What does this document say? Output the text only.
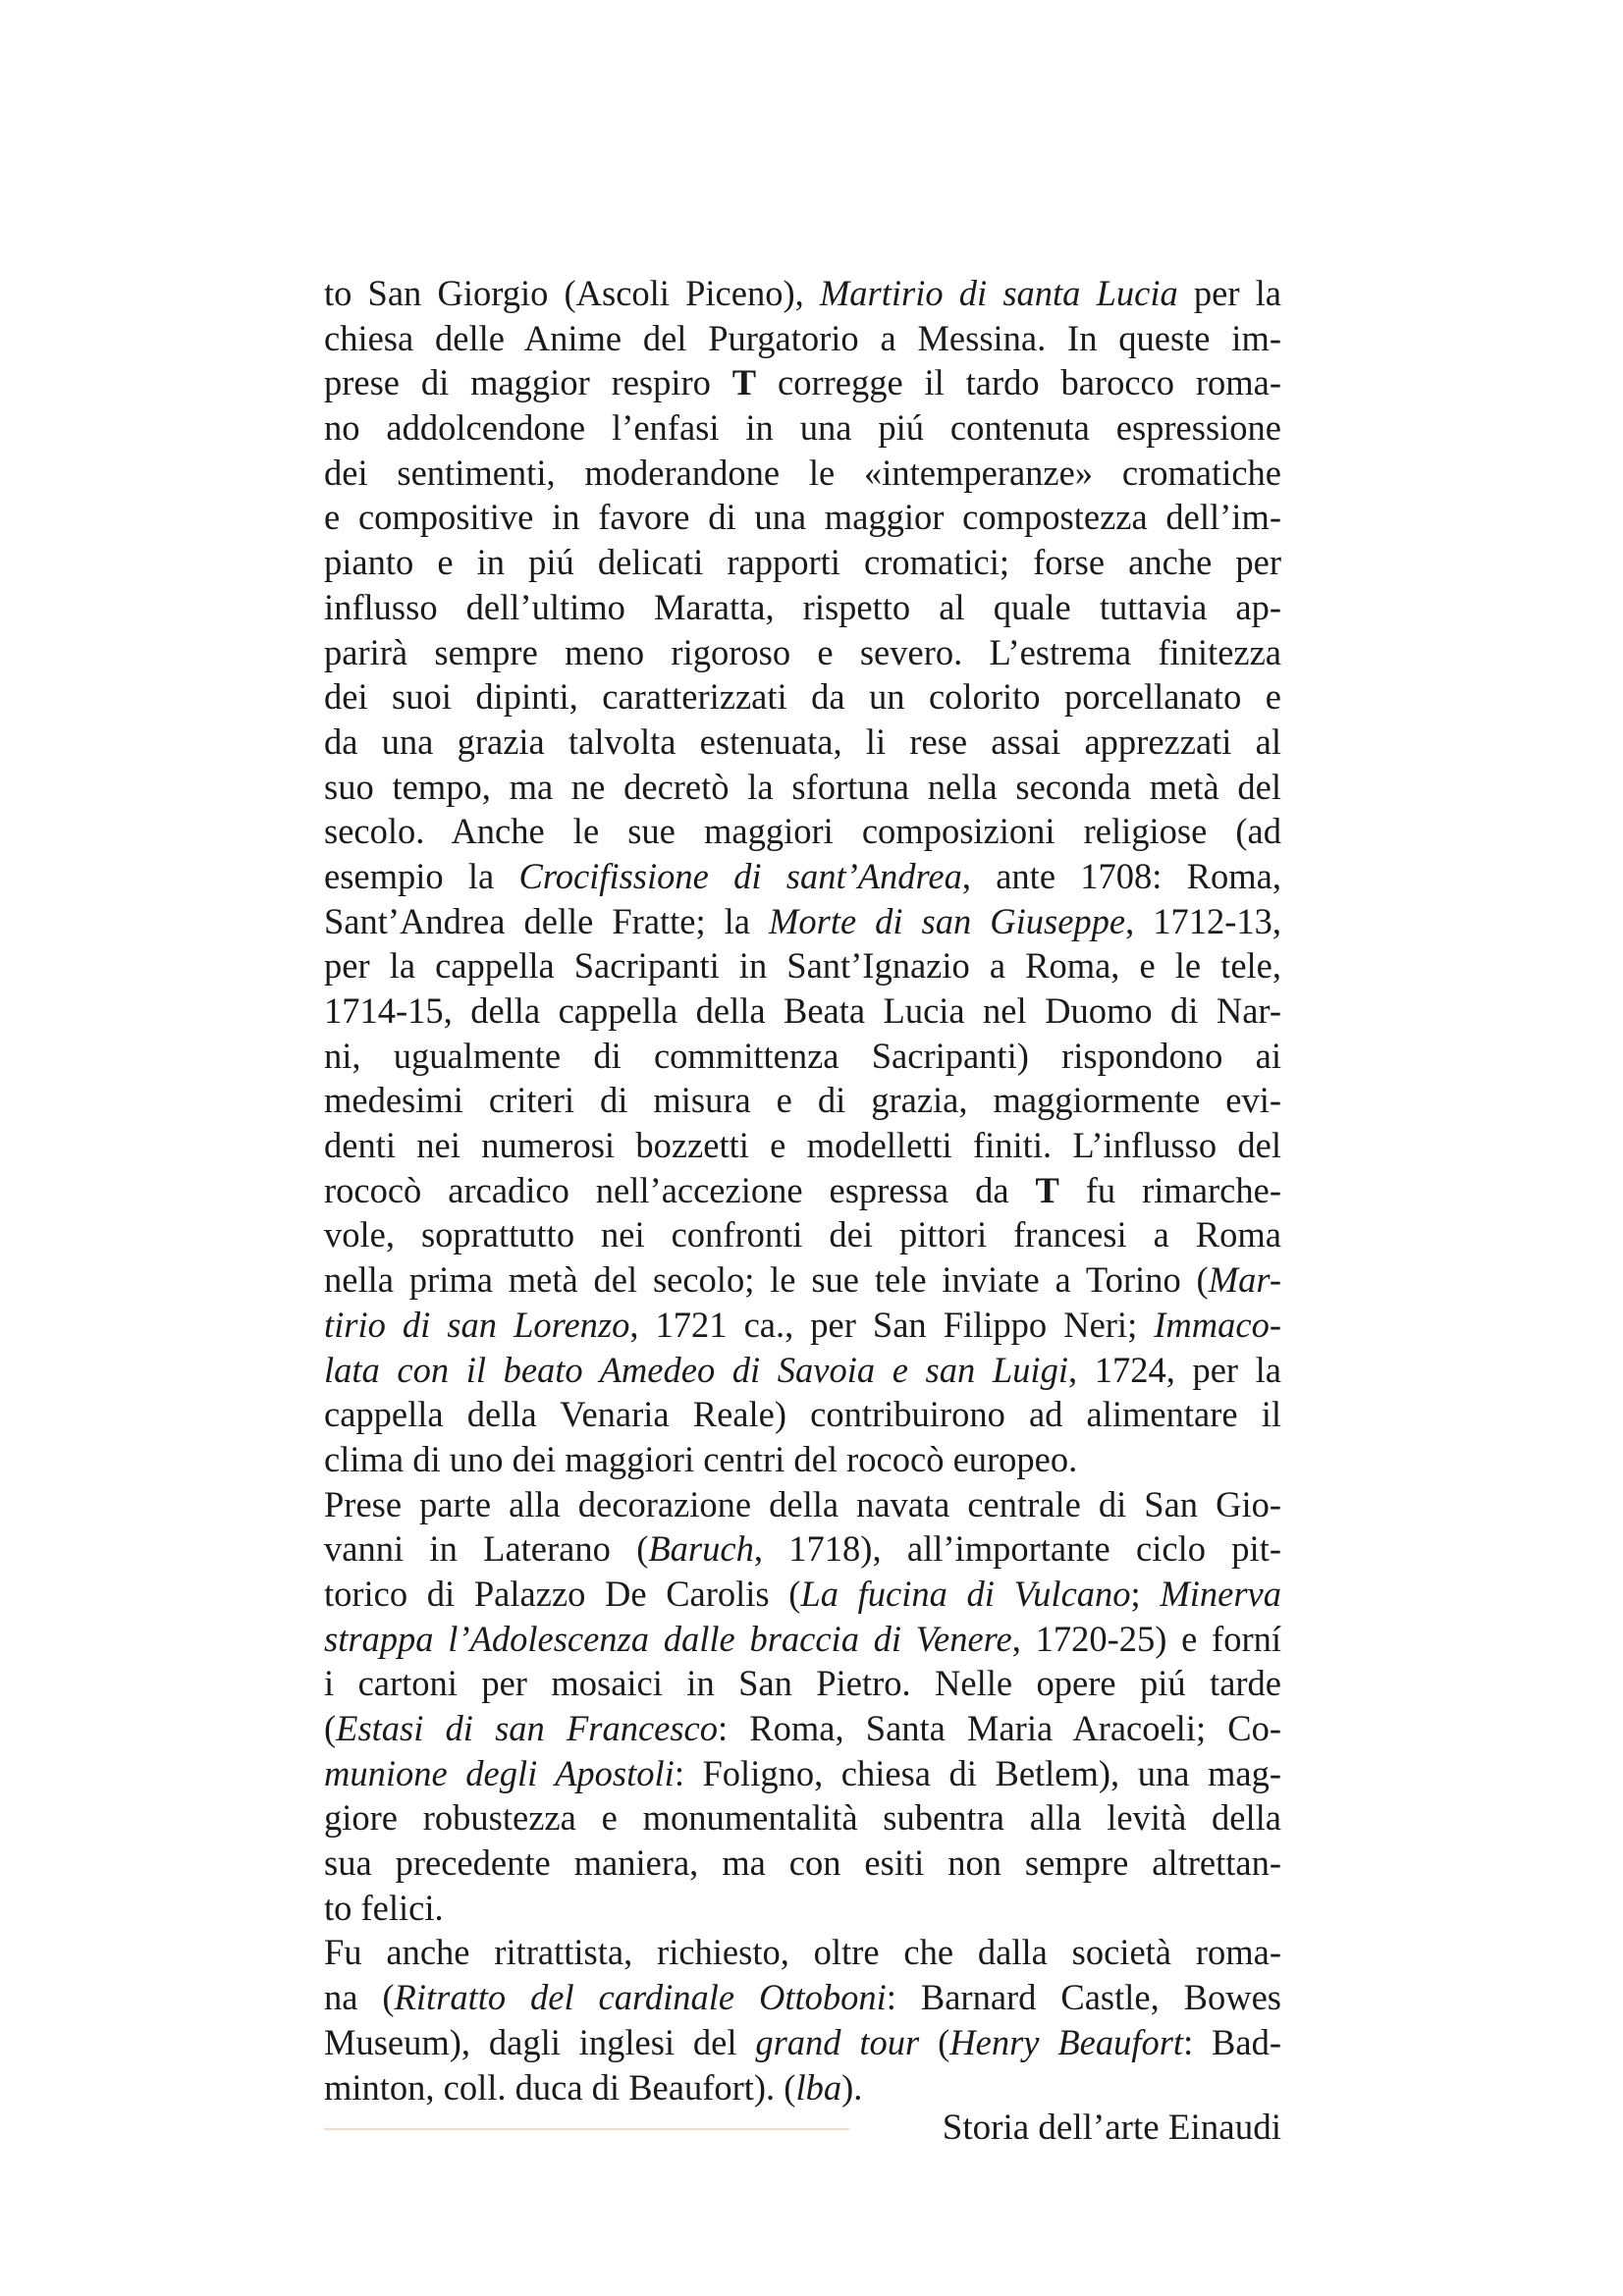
to San Giorgio (Ascoli Piceno), Martirio di santa Lucia per la
chiesa delle Anime del Purgatorio a Messina. In queste im-
prese di maggior respiro T corregge il tardo barocco roma-
no addolcendone l’enfasi in una piú contenuta espressione
dei sentimenti, moderandone le «intemperanze» cromatiche
e compositive in favore di una maggior compostezza dell’im-
pianto e in piú delicati rapporti cromatici; forse anche per
influsso dell’ultimo Maratta, rispetto al quale tuttavia ap-
parirà sempre meno rigoroso e severo. L’estrema finitezza
dei suoi dipinti, caratterizzati da un colorito porcellanato e
da una grazia talvolta estenuata, li rese assai apprezzati al
suo tempo, ma ne decretò la sfortuna nella seconda metà del
secolo. Anche le sue maggiori composizioni religiose (ad
esempio la Crocifissione di sant’Andrea, ante 1708: Roma,
Sant’Andrea delle Fratte; la Morte di san Giuseppe, 1712-13,
per la cappella Sacripanti in Sant’Ignazio a Roma, e le tele,
1714-15, della cappella della Beata Lucia nel Duomo di Nar-
ni, ugualmente di committenza Sacripanti) rispondono ai
medesimi criteri di misura e di grazia, maggiormente evi-
denti nei numerosi bozzetti e modelletti finiti. L’influsso del
rococò arcadico nell’accezione espressa da T fu rimarche-
vole, soprattutto nei confronti dei pittori francesi a Roma
nella prima metà del secolo; le sue tele inviate a Torino (Mar-
tirio di san Lorenzo, 1721 ca., per San Filippo Neri; Immaco-
lata con il beato Amedeo di Savoia e san Luigi, 1724, per la
cappella della Venaria Reale) contribuirono ad alimentare il
clima di uno dei maggiori centri del rococò europeo.
Prese parte alla decorazione della navata centrale di San Gio-
vanni in Laterano (Baruch, 1718), all’importante ciclo pit-
torico di Palazzo De Carolis (La fucina di Vulcano; Minerva
strappa l’Adolescenza dalle braccia di Venere, 1720-25) e forní
i cartoni per mosaici in San Pietro. Nelle opere piú tarde
(Estasi di san Francesco: Roma, Santa Maria Aracoeli; Co-
munione degli Apostoli: Foligno, chiesa di Betlem), una mag-
giore robustezza e monumentalità subentra alla levità della
sua precedente maniera, ma con esiti non sempre altrettan-
to felici.
Fu anche ritrattista, richiesto, oltre che dalla società roma-
na (Ritratto del cardinale Ottoboni: Barnard Castle, Bowes
Museum), dagli inglesi del grand tour (Henry Beaufort: Bad-
minton, coll. duca di Beaufort). (lba).
Storia dell’arte Einaudi
